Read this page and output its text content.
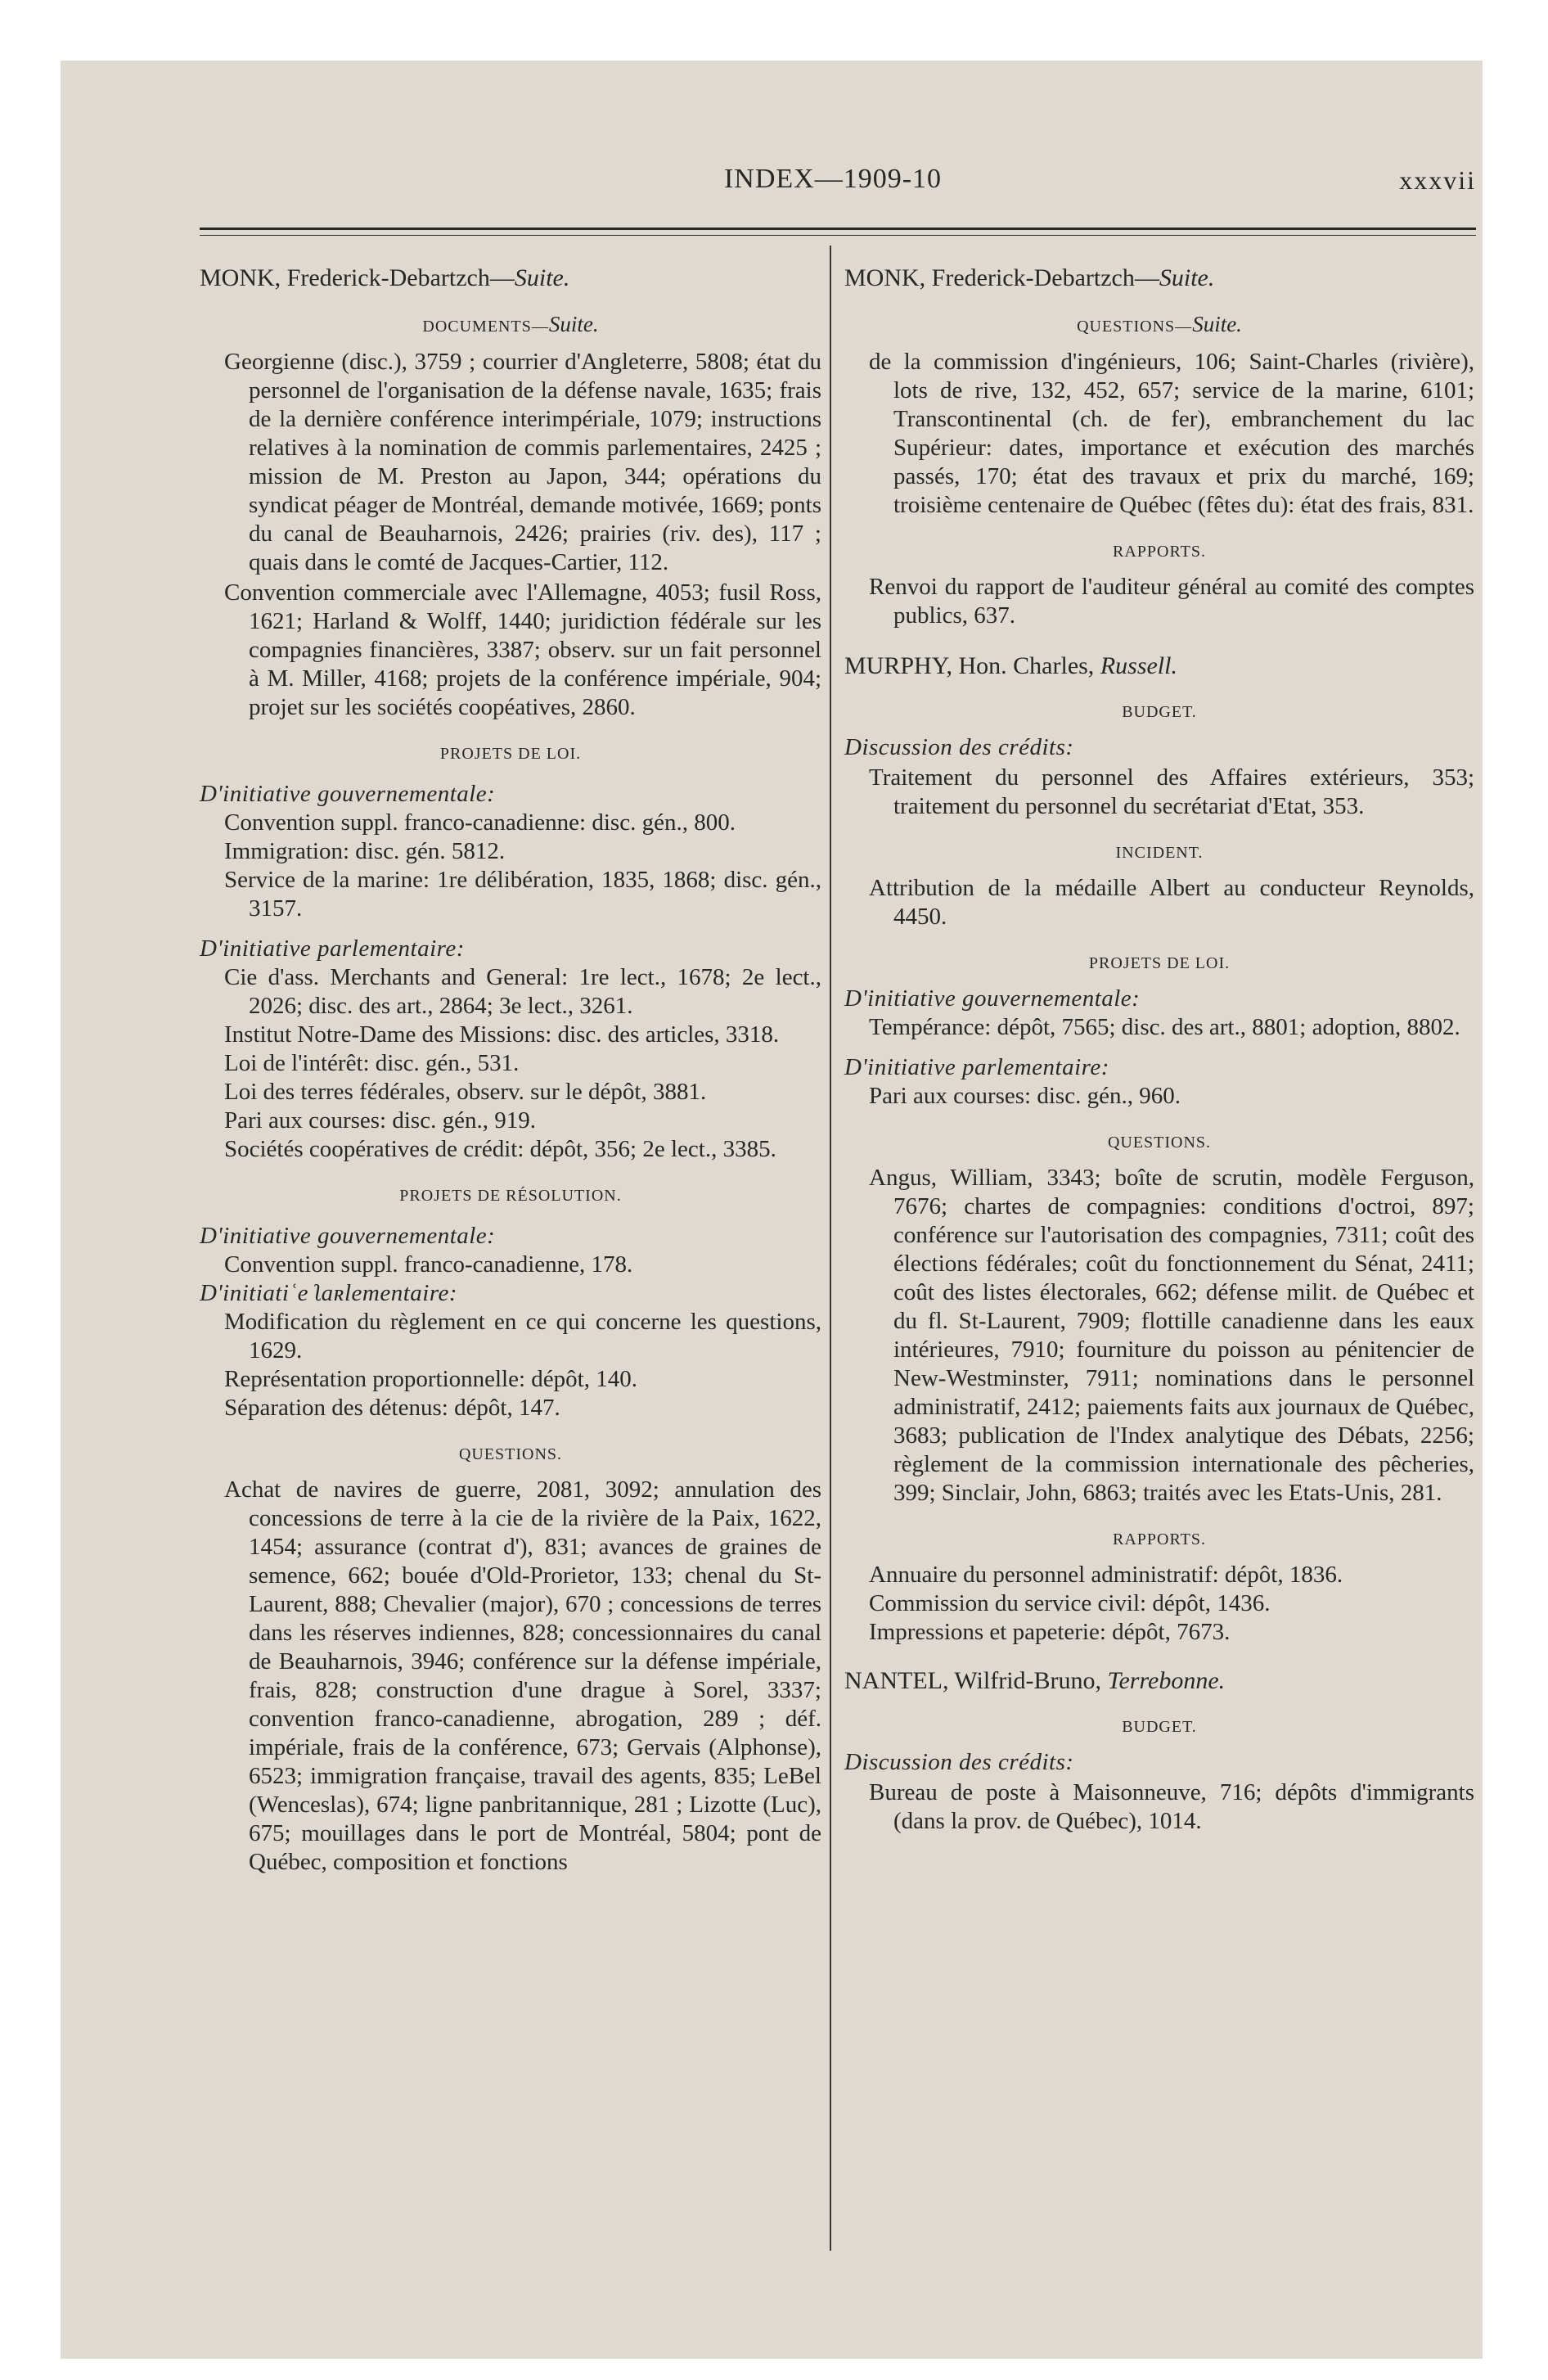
INDEX—1909-10	xxxvii
MONK, Frederick-Debartzch—Suite.
DOCUMENTS—Suite.

Georgienne (disc.), 3759 ; courrier d'Angleterre, 5808; état du personnel de l'organisation de la défense navale, 1635; frais de la dernière conférence interimpériale, 1079; instructions relatives à la nomination de commis parlementaires, 2425 ; mission de M. Preston au Japon, 344; opérations du syndicat péager de Montréal, demande motivée, 1669; ponts du canal de Beauharnois, 2426; prairies (riv. des), 117 ; quais dans le comté de Jacques-Cartier, 112.

Convention commerciale avec l'Allemagne, 4053; fusil Ross, 1621; Harland & Wolff, 1440; juridiction fédérale sur les compagnies financières, 3387; observ. sur un fait personnel à M. Miller, 4168; projets de la conférence impériale, 904; projet sur les sociétés coopéatives, 2860.

PROJETS DE LOI.
D'initiative gouvernementale:

Convention suppl. franco-canadienne: disc. gén., 800.

Immigration: disc. gén. 5812.

Service de la marine: 1re délibération, 1835, 1868; disc. gén., 3157.

D'initiative parlementaire:

Cie d'ass. Merchants and General: 1re lect., 1678; 2e lect., 2026; disc. des art., 2864; 3e lect., 3261.

Institut Notre-Dame des Missions: disc. des articles, 3318.

Loi de l'intérêt: disc. gén., 531.

Loi des terres fédérales, observ. sur le dépôt, 3881.

Pari aux courses: disc. gén., 919.

Sociétés coopératives de crédit: dépôt, 356; 2e lect., 3385.

PROJETS DE RÉSOLUTION.
D'initiative gouvernementale:

Convention suppl. franco-canadienne, 178.

D'initiatiʿe ʅaʀlementaire:

Modification du règlement en ce qui concerne les questions, 1629.

Représentation proportionnelle: dépôt, 140.

Séparation des détenus: dépôt, 147.

QUESTIONS.

Achat de navires de guerre, 2081, 3092; annulation des concessions de terre à la cie de la rivière de la Paix, 1622, 1454; assurance (contrat d'), 831; avances de graines de semence, 662; bouée d'Old-Prorietor, 133; chenal du St-Laurent, 888; Chevalier (major), 670 ; concessions de terres dans les réserves indiennes, 828; concessionnaires du canal de Beauharnois, 3946; conférence sur la défense impériale, frais, 828; construction d'une drague à Sorel, 3337; convention franco-canadienne, abrogation, 289 ; déf. impériale, frais de la conférence, 673; Gervais (Alphonse), 6523; immigration française, travail des agents, 835; LeBel (Wenceslas), 674; ligne panbritannique, 281 ; Lizotte (Luc), 675; mouillages dans le port de Montréal, 5804; pont de Québec, composition et fonctions

MONK, Frederick-Debartzch—Suite.
QUESTIONS—Suite.

de la commission d'ingénieurs, 106; Saint-Charles (rivière), lots de rive, 132, 452, 657; service de la marine, 6101; Transcontinental (ch. de fer), embranchement du lac Supérieur: dates, importance et exécution des marchés passés, 170; état des travaux et prix du marché, 169; troisième centenaire de Québec (fêtes du): état des frais, 831.

RAPPORTS.

Renvoi du rapport de l'auditeur général au comité des comptes publics, 637.

MURPHY, Hon. Charles, Russell.
BUDGET.
Discussion des crédits:

Traitement du personnel des Affaires extérieurs, 353; traitement du personnel du secrétariat d'Etat, 353.

INCIDENT.

Attribution de la médaille Albert au conducteur Reynolds, 4450.

PROJETS DE LOI.
D'initiative gouvernementale:

Tempérance: dépôt, 7565; disc. des art., 8801; adoption, 8802.

D'initiative parlementaire:

Pari aux courses: disc. gén., 960.

QUESTIONS.

Angus, William, 3343; boîte de scrutin, modèle Ferguson, 7676; chartes de compagnies: conditions d'octroi, 897; conférence sur l'autorisation des compagnies, 7311; coût des élections fédérales; coût du fonctionnement du Sénat, 2411; coût des listes électorales, 662; défense milit. de Québec et du fl. St-Laurent, 7909; flottille canadienne dans les eaux intérieures, 7910; fourniture du poisson au pénitencier de New-Westminster, 7911; nominations dans le personnel administratif, 2412; paiements faits aux journaux de Québec, 3683; publication de l'Index analytique des Débats, 2256; règlement de la commission internationale des pêcheries, 399; Sinclair, John, 6863; traités avec les Etats-Unis, 281.

RAPPORTS.

Annuaire du personnel administratif: dépôt, 1836.

Commission du service civil: dépôt, 1436.

Impressions et papeterie: dépôt, 7673.

NANTEL, Wilfrid-Bruno, Terrebonne.
BUDGET.
Discussion des crédits:

Bureau de poste à Maisonneuve, 716; dépôts d'immigrants (dans la prov. de Québec), 1014.
